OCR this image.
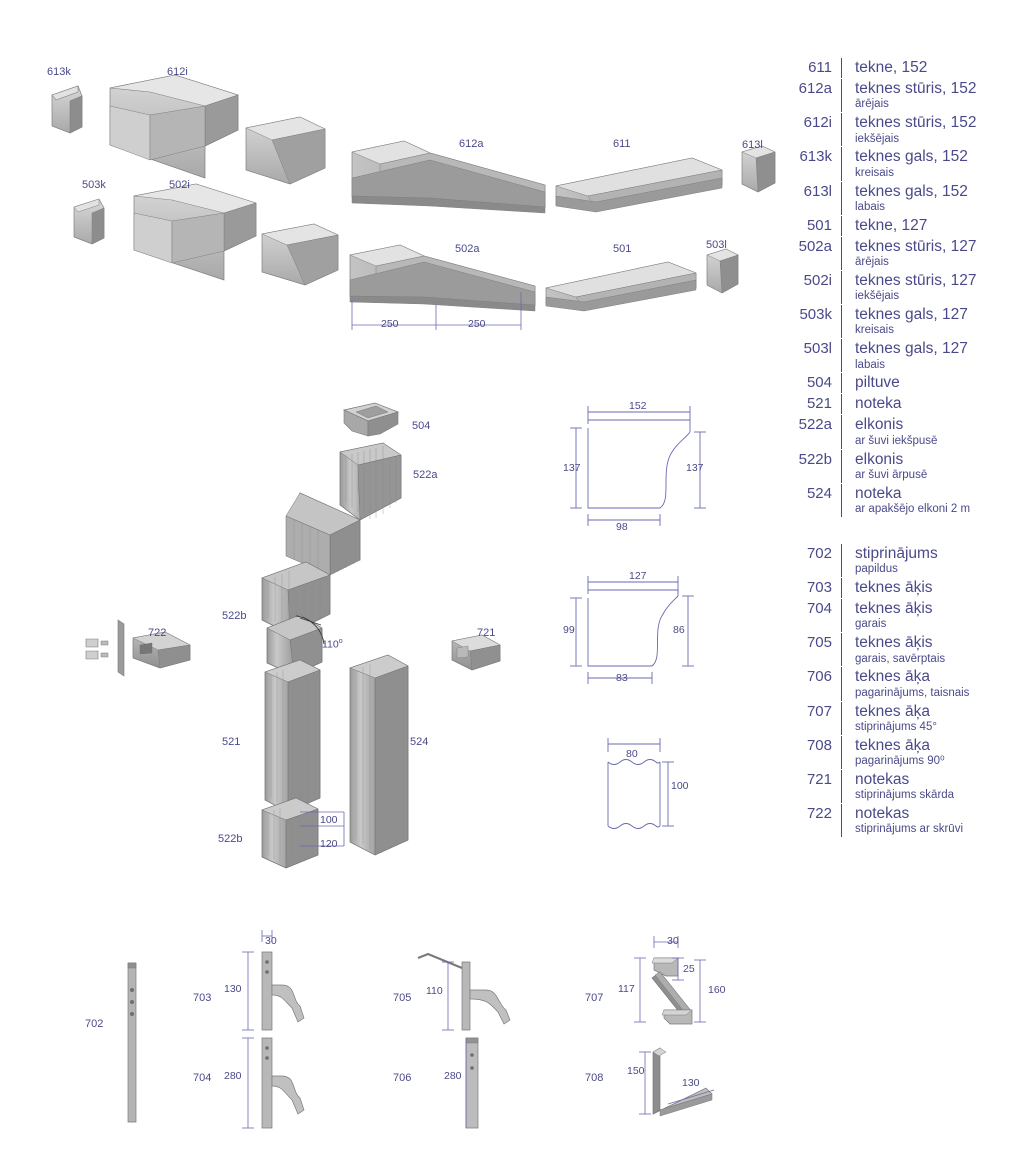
613k	612i
612a	611	613l
503k	502i
502a	501	503l
504
522a
522b
722	721
521	524
522b
702
703
704
705
706
707
708
250	250
152
137	137
98
127
99	86
83
80
100
110$^o$
100
120
30
130
280
110
280
30
25
117	160
150
130
611	tekne, 152
612a	teknes stūris, 152
ārējais
612i	teknes stūris, 152
iekšējais
613k	teknes gals, 152
kreisais
613l	teknes gals, 152
labais
501	tekne, 127
502a	teknes stūris, 127
ārējais
502i	teknes stūris, 127
iekšējais
503k	teknes gals, 127
kreisais
503l	teknes gals, 127
labais
504	piltuve
521	noteka
522a	elkonis
ar šuvi iekšpusē
522b	elkonis
ar šuvi ārpusē
524	noteka
ar apakšējo elkoni 2 m
702	stiprinājums
papildus
703	teknes āķis
704	teknes āķis
garais
705	teknes āķis
garais, savērptais
706	teknes āķa
pagarinājums, taisnais
707	teknes āķa
stiprinājums 45°
708	teknes āķa
pagarinājums 90⁰
721	notekas
stiprinājums skārda
722	notekas
stiprinājums ar skrūvi
